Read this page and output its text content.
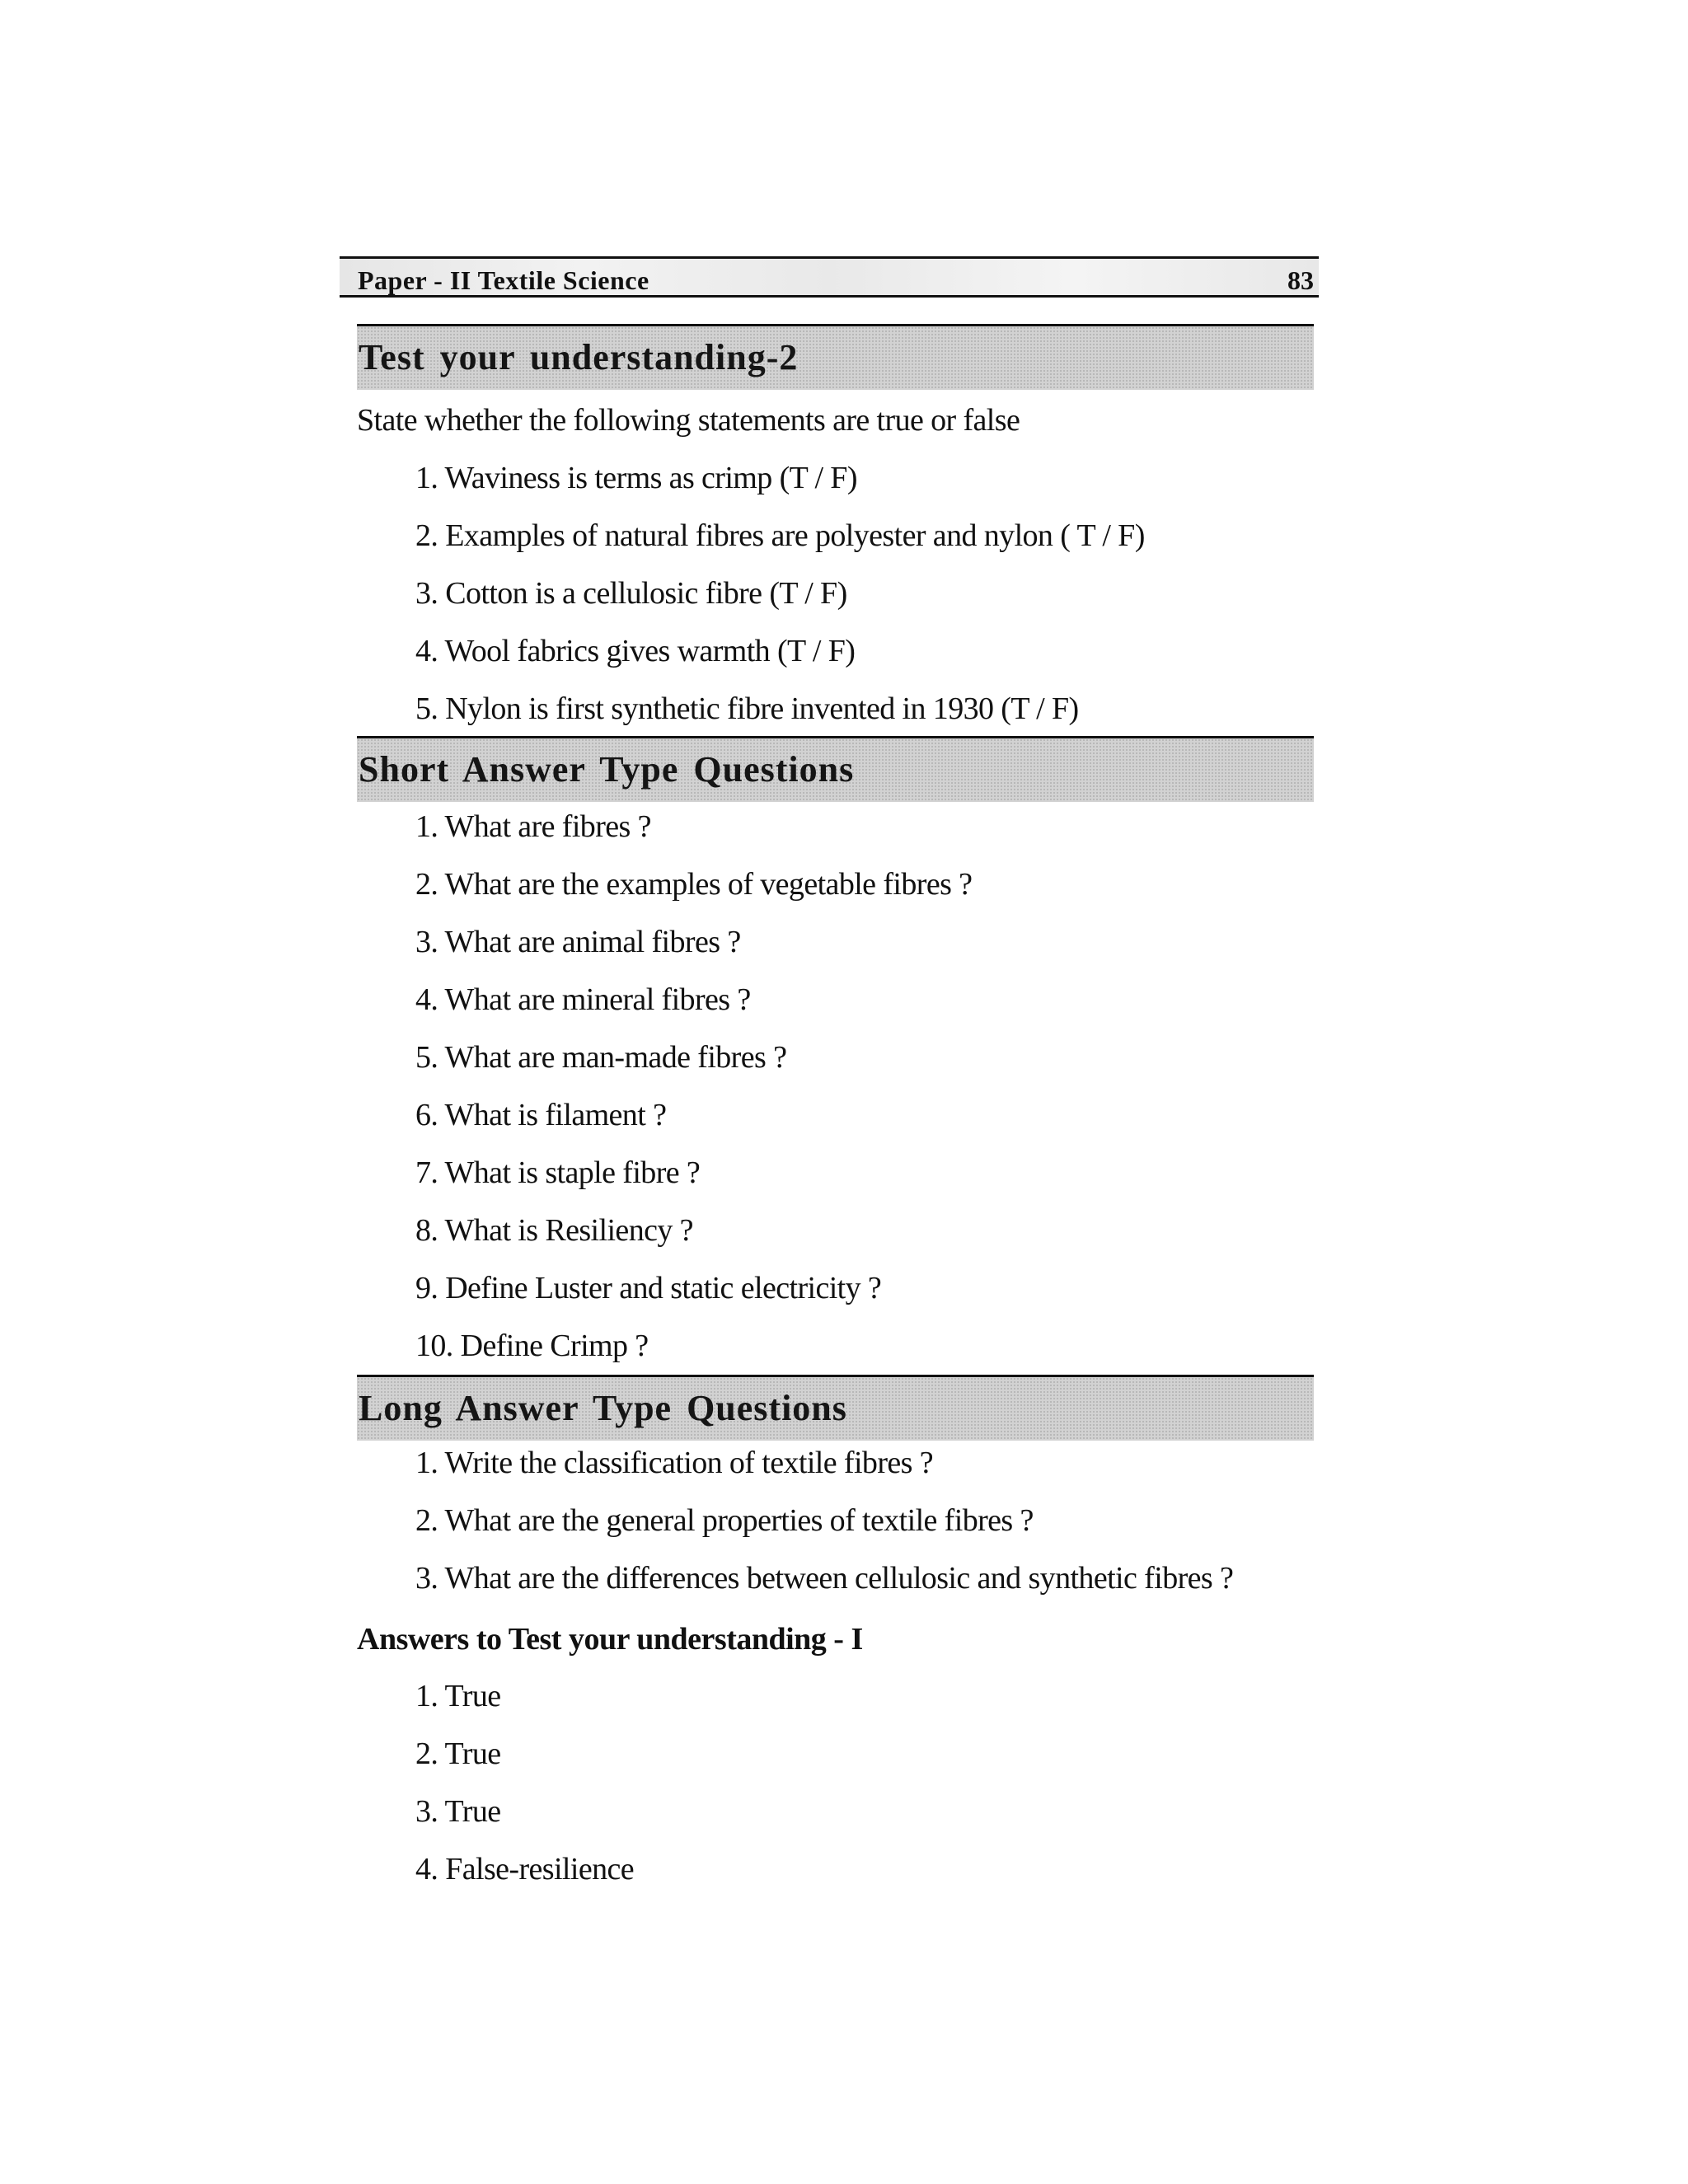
Paper - II Textile Science	83
Test your understanding-2
State whether the following statements are true or false
1. Waviness is terms as crimp (T / F)
2. Examples of natural fibres are polyester and nylon ( T / F)
3. Cotton is a cellulosic fibre (T / F)
4. Wool fabrics gives warmth (T / F)
5. Nylon is first synthetic fibre invented in 1930 (T / F)
Short Answer Type Questions
1. What are fibres ?
2. What are the examples of vegetable fibres ?
3. What are animal fibres ?
4. What are mineral fibres ?
5. What are man-made fibres ?
6. What is filament ?
7. What is staple fibre ?
8. What is Resiliency ?
9. Define Luster and static electricity ?
10. Define Crimp ?
Long Answer Type Questions
1. Write the classification of textile fibres ?
2. What are the general properties of textile fibres ?
3. What are the differences between cellulosic and synthetic fibres ?
Answers to Test your understanding - I
1. True
2. True
3. True
4. False-resilience
